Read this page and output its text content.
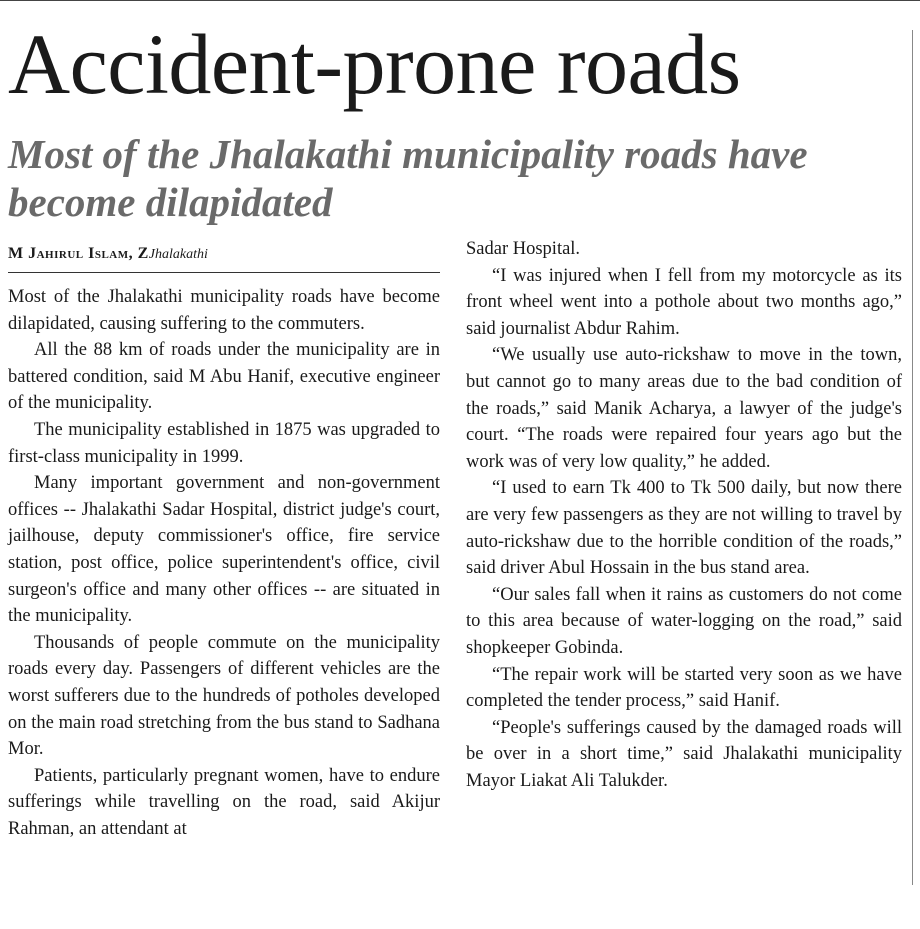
Accident-prone roads
Most of the Jhalakathi municipality roads have become dilapidated
M Jahirul Islam, ZJhalakathi

Most of the Jhalakathi municipality roads have become dilapidated, causing suffering to the commuters.

All the 88 km of roads under the municipality are in battered condition, said M Abu Hanif, executive engineer of the municipality.

The municipality established in 1875 was upgraded to first-class municipality in 1999.

Many important government and non-government offices -- Jhalakathi Sadar Hospital, district judge's court, jailhouse, deputy commissioner's office, fire service station, post office, police superintendent's office, civil surgeon's office and many other offices -- are situated in the municipality.

Thousands of people commute on the municipality roads every day. Passengers of different vehicles are the worst sufferers due to the hundreds of potholes developed on the main road stretching from the bus stand to Sadhana Mor.

Patients, particularly pregnant women, have to endure sufferings while travelling on the road, said Akijur Rahman, an attendant at

Sadar Hospital.

“I was injured when I fell from my motorcycle as its front wheel went into a pothole about two months ago,” said journalist Abdur Rahim.

“We usually use auto-rickshaw to move in the town, but cannot go to many areas due to the bad condition of the roads,” said Manik Acharya, a lawyer of the judge's court. “The roads were repaired four years ago but the work was of very low quality,” he added.

“I used to earn Tk 400 to Tk 500 daily, but now there are very few passengers as they are not willing to travel by auto-rickshaw due to the horrible condition of the roads,” said driver Abul Hossain in the bus stand area.

“Our sales fall when it rains as customers do not come to this area because of water-logging on the road,” said shopkeeper Gobinda.

“The repair work will be started very soon as we have completed the tender process,” said Hanif.

“People's sufferings caused by the damaged roads will be over in a short time,” said Jhalakathi municipality Mayor Liakat Ali Talukder.
